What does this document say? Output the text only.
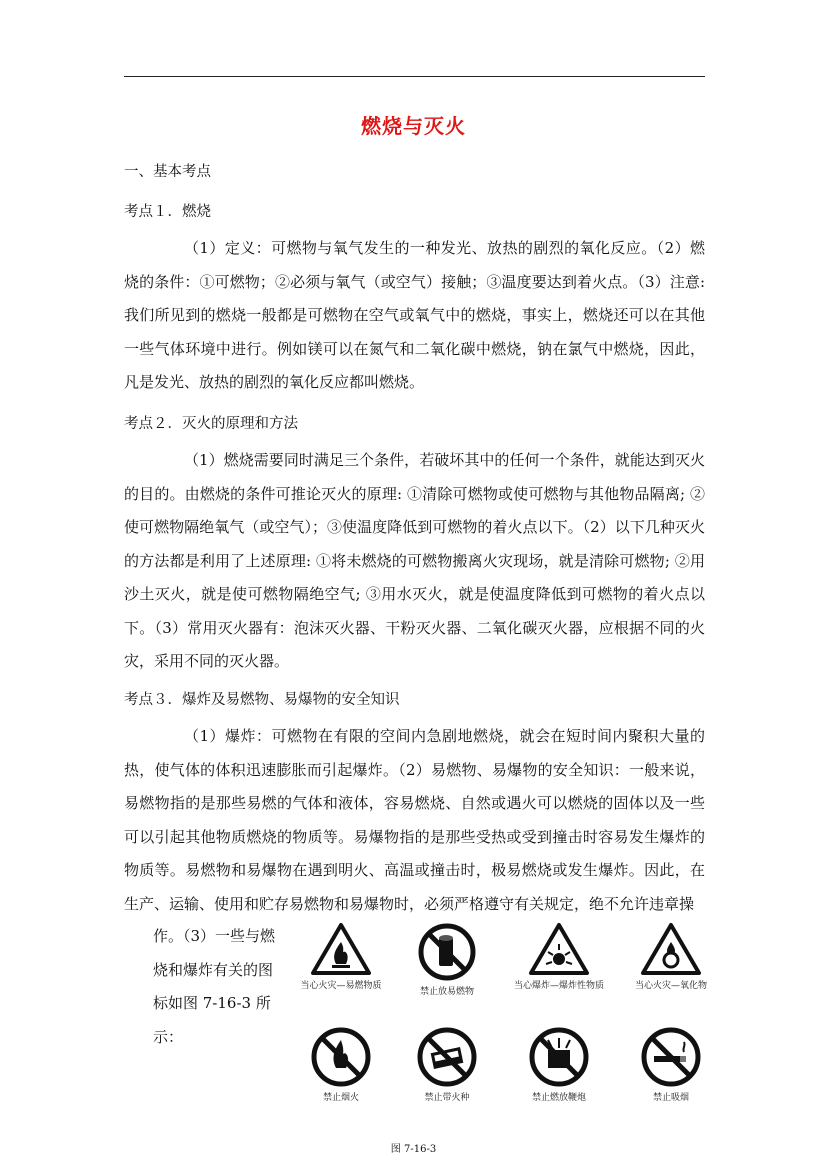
燃烧与灭火
一、基本考点
考点１．燃烧

（1）定义：可燃物与氧气发生的一种发光、放热的剧烈的氧化反应。（2）燃烧的条件：①可燃物；②必须与氧气（或空气）接触；③温度要达到着火点。（3）注意: 我们所见到的燃烧一般都是可燃物在空气或氧气中的燃烧，事实上，燃烧还可以在其他一些气体环境中进行。例如镁可以在氮气和二氧化碳中燃烧，钠在氯气中燃烧，因此，凡是发光、放热的剧烈的氧化反应都叫燃烧。

考点２．灭火的原理和方法

（1）燃烧需要同时满足三个条件，若破坏其中的任何一个条件，就能达到灭火的目的。由燃烧的条件可推论灭火的原理: ①清除可燃物或使可燃物与其他物品隔离; ②使可燃物隔绝氧气（或空气）；③使温度降低到可燃物的着火点以下。（2）以下几种灭火的方法都是利用了上述原理: ①将未燃烧的可燃物搬离火灾现场，就是清除可燃物; ②用沙土灭火，就是使可燃物隔绝空气; ③用水灭火，就是使温度降低到可燃物的着火点以下。（3）常用灭火器有：泡沫灭火器、干粉灭火器、二氧化碳灭火器，应根据不同的火灾，采用不同的灭火器。

考点３．爆炸及易燃物、易爆物的安全知识

（1）爆炸：可燃物在有限的空间内急剧地燃烧，就会在短时间内聚积大量的热，使气体的体积迅速膨胀而引起爆炸。（2）易燃物、易爆物的安全知识：一般来说，易燃物指的是那些易燃的气体和液体，容易燃烧、自然或遇火可以燃烧的固体以及一些可以引起其他物质燃烧的物质等。易爆物指的是那些受热或受到撞击时容易发生爆炸的物质等。易燃物和易爆物在遇到明火、高温或撞击时，极易燃烧或发生爆炸。因此，在生产、运输、使用和贮存易燃物和易爆物时，必须严格遵守有关规定，绝不允许违章操

作。（3）一些与燃烧和爆炸有关的图标如图 7-16-3 所示：
当心火灾—易燃物质
禁止放易燃物
当心爆炸—爆炸性物质	当心火灾—氧化物
禁止烟火	禁止带火种	禁止燃放鞭炮	禁止吸烟
图 7-16-3
